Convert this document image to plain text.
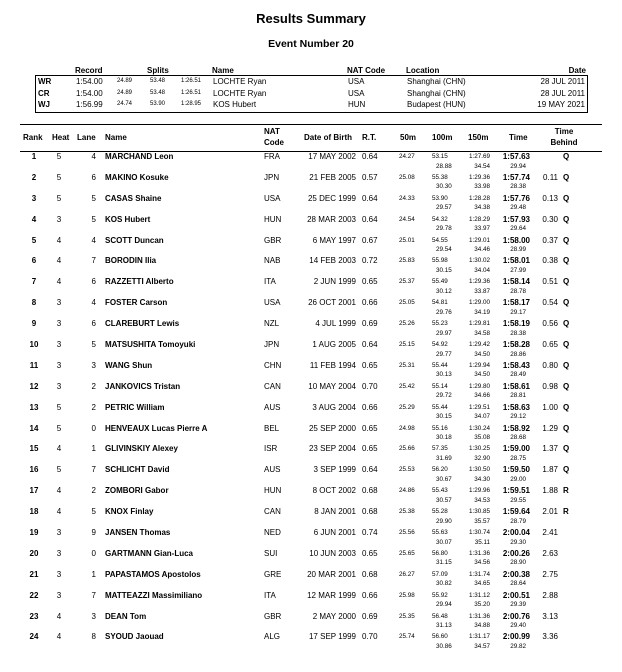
Results Summary
Event Number 20
Record	Splits	Name	NAT Code	Location	Date
WR	1:54.00 24.89	53.48	1:26.51 LOCHTE Ryan	USA	Shanghai (CHN)	28 JUL 2011
CR	1:54.00 24.89	53.48	1:26.51 LOCHTE Ryan	USA	Shanghai (CHN)	28 JUL 2011
WJ	1:56.99 24.74	53.90	1:28.95 KOS Hubert	HUN	Budapest (HUN)	19 MAY 2021
Rank Heat Lane Name
NAT
Code
Date of Birth R.T.	50m 100m 150m	Time
Time
Behind
1	5	4 MARCHAND Leon	FRA	17 MAY 2002 0.64	24.27	53.15	1:27.69	1:57.63	Q
28.88	34.54	29.94
2	5	6 MAKINO Kosuke	JPN	21 FEB 2005 0.57	25.08	55.38	1:29.36	1:57.74	0.11 Q
30.30	33.98	28.38
3	5	5 CASAS Shaine	USA	25 DEC 1999 0.64	24.33	53.90	1:28.28	1:57.76	0.13 Q
29.57	34.38	29.48
4	3	5 KOS Hubert	HUN	28 MAR 2003 0.64	24.54	54.32	1:28.29	1:57.93	0.30 Q
29.78	33.97	29.64
5	4	4 SCOTT Duncan	GBR	6 MAY 1997 0.67	25.01	54.55	1:29.01	1:58.00	0.37 Q
29.54	34.46	28.99
6	4	7 BORODIN Ilia	NAB	14 FEB 2003 0.72	25.83	55.98	1:30.02	1:58.01	0.38 Q
30.15	34.04	27.99
7	4	6 RAZZETTI Alberto	ITA	2 JUN 1999 0.65	25.37	55.49	1:29.36	1:58.14	0.51 Q
30.12	33.87	28.78
8	3	4 FOSTER Carson	USA	26 OCT 2001 0.66	25.05	54.81	1:29.00	1:58.17	0.54 Q
29.76	34.19	29.17
9	3	6 CLAREBURT Lewis	NZL	4 JUL 1999 0.69	25.26	55.23	1:29.81	1:58.19	0.56 Q
29.97	34.58	28.38
10	3	5 MATSUSHITA Tomoyuki	JPN	1 AUG 2005 0.64	25.15	54.92	1:29.42	1:58.28	0.65 Q
29.77	34.50	28.86
11	3	3 WANG Shun	CHN	11 FEB 1994 0.65	25.31	55.44	1:29.94	1:58.43	0.80 Q
30.13	34.50	28.49
12	3	2 JANKOVICS Tristan	CAN	10 MAY 2004 0.70	25.42	55.14	1:29.80	1:58.61	0.98 Q
29.72	34.66	28.81
13	5	2 PETRIC William	AUS	3 AUG 2004 0.66	25.29	55.44	1:29.51	1:58.63	1.00 Q
30.15	34.07	29.12
14	5	0 HENVEAUX Lucas Pierre A	BEL	25 SEP 2000 0.65	24.98	55.16	1:30.24	1:58.92	1.29 Q
30.18	35.08	28.68
15	4	1 GLIVINSKIY Alexey	ISR	23 SEP 2004 0.65	25.66	57.35	1:30.25	1:59.00	1.37 Q
31.69	32.90	28.75
16	5	7 SCHLICHT David	AUS	3 SEP 1999 0.64	25.53	56.20	1:30.50	1:59.50	1.87 Q
30.67	34.30	29.00
17	4	2 ZOMBORI Gabor	HUN	8 OCT 2002 0.68	24.86	55.43	1:29.96	1:59.51	1.88 R
30.57	34.53	29.55
18	4	5 KNOX Finlay	CAN	8 JAN 2001 0.68	25.38	55.28	1:30.85	1:59.64	2.01 R
29.90	35.57	28.79
19	3	9 JANSEN Thomas	NED	6 JUN 2001 0.74	25.56	55.63	1:30.74	2:00.04	2.41
30.07	35.11	29.30
20	3	0 GARTMANN Gian-Luca	SUI	10 JUN 2003 0.65	25.65	56.80	1:31.36	2:00.26	2.63
31.15	34.56	28.90
21	3	1 PAPASTAMOS Apostolos	GRE	20 MAR 2001 0.68	26.27	57.09	1:31.74	2:00.38	2.75
30.82	34.65	28.64
22	3	7 MATTEAZZI Massimiliano	ITA	12 MAR 1999 0.66	25.98	55.92	1:31.12	2:00.51	2.88
29.94	35.20	29.39
23	4	3 DEAN Tom	GBR	2 MAY 2000 0.69	25.35	56.48	1:31.36	2:00.76	3.13
31.13	34.88	29.40
24	4	8 SYOUD Jaouad	ALG	17 SEP 1999 0.70	25.74	56.60	1:31.17	2:00.99	3.36
30.86	34.57	29.82
